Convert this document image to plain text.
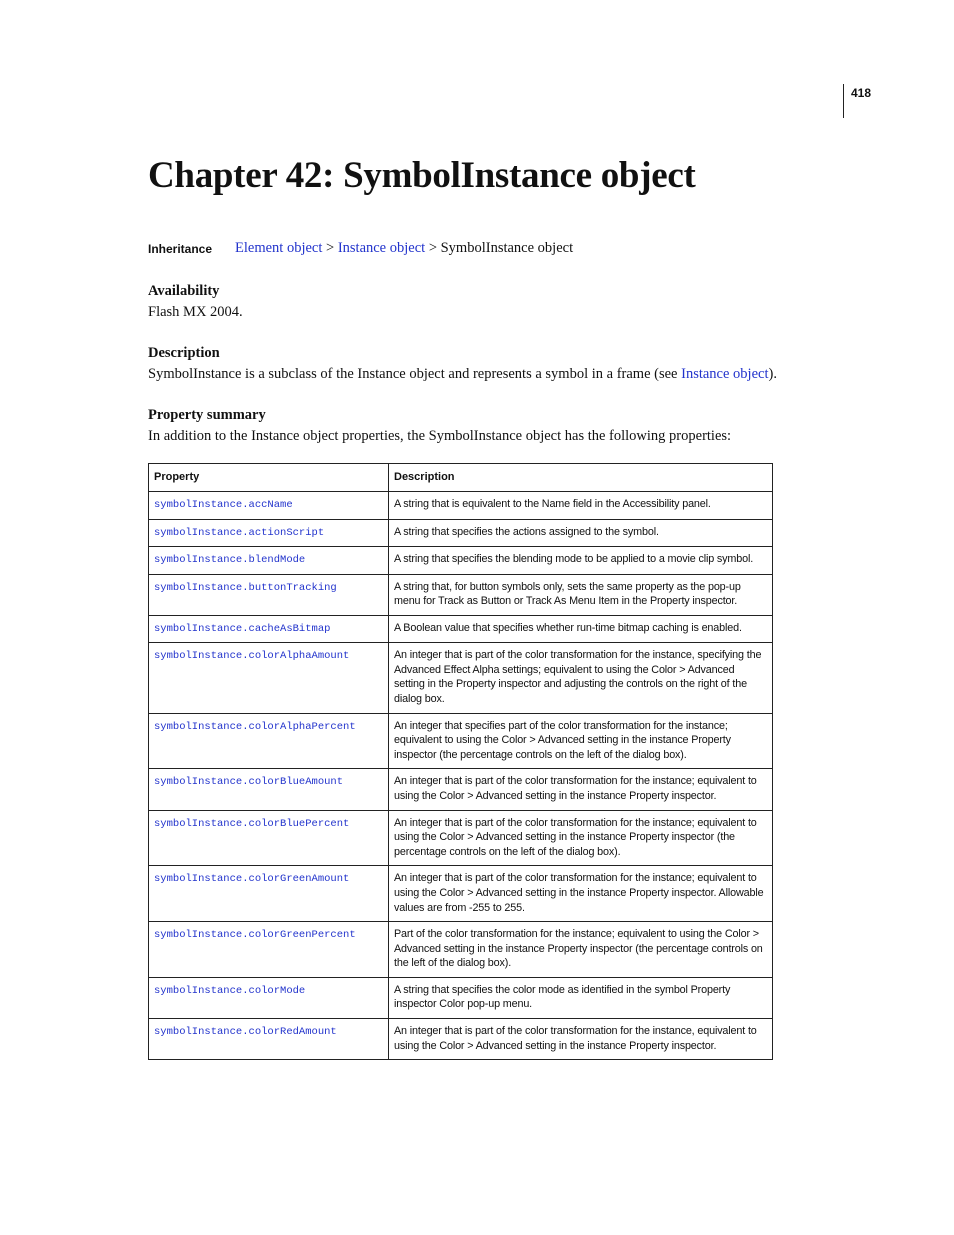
418
Chapter 42: SymbolInstance object
Inheritance Element object > Instance object > SymbolInstance object
Availability

Flash MX 2004.

Description

SymbolInstance is a subclass of the Instance object and represents a symbol in a frame (see Instance object).

Property summary

In addition to the Instance object properties, the SymbolInstance object has the following properties:

Property	Description
symbolInstance.accName	A string that is equivalent to the Name field in the Accessibility panel.
symbolInstance.actionScript	A string that specifies the actions assigned to the symbol.
symbolInstance.blendMode	A string that specifies the blending mode to be applied to a movie clip symbol.
symbolInstance.buttonTracking	A string that, for button symbols only, sets the same property as the pop-up menu for Track as Button or Track As Menu Item in the Property inspector.
symbolInstance.cacheAsBitmap	A Boolean value that specifies whether run-time bitmap caching is enabled.
symbolInstance.colorAlphaAmount	An integer that is part of the color transformation for the instance, specifying the Advanced Effect Alpha settings; equivalent to using the Color > Advanced setting in the Property inspector and adjusting the controls on the right of the dialog box.
symbolInstance.colorAlphaPercent	An integer that specifies part of the color transformation for the instance; equivalent to using the Color > Advanced setting in the instance Property inspector (the percentage controls on the left of the dialog box).
symbolInstance.colorBlueAmount	An integer that is part of the color transformation for the instance; equivalent to using the Color > Advanced setting in the instance Property inspector.
symbolInstance.colorBluePercent	An integer that is part of the color transformation for the instance; equivalent to using the Color > Advanced setting in the instance Property inspector (the percentage controls on the left of the dialog box).
symbolInstance.colorGreenAmount	An integer that is part of the color transformation for the instance; equivalent to using the Color > Advanced setting in the instance Property inspector. Allowable values are from -255 to 255.
symbolInstance.colorGreenPercent	Part of the color transformation for the instance; equivalent to using the Color > Advanced setting in the instance Property inspector (the percentage controls on the left of the dialog box).
symbolInstance.colorMode	A string that specifies the color mode as identified in the symbol Property inspector Color pop-up menu.
symbolInstance.colorRedAmount	An integer that is part of the color transformation for the instance, equivalent to using the Color > Advanced setting in the instance Property inspector.
